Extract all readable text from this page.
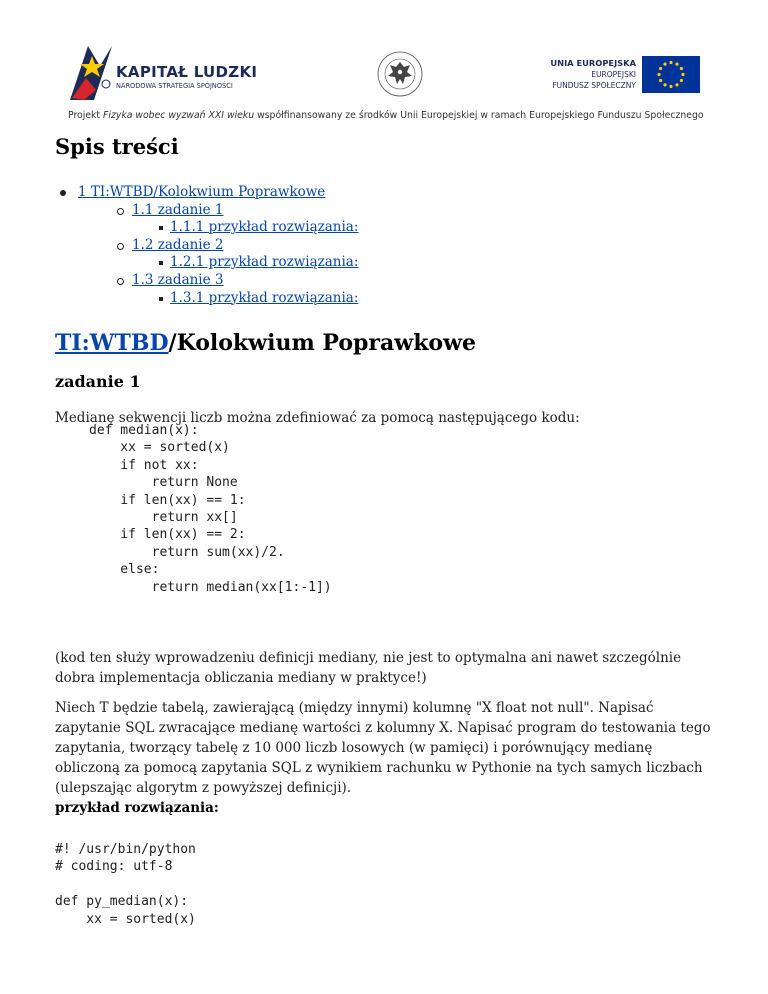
KAPITAŁ LUDZKI
NARODOWA STRATEGIA SPÓJNOŚCI
UNIA EUROPEJSKA
EUROPEJSKI
FUNDUSZ SPOŁECZNY
Projekt Fizyka wobec wyzwań XXI wieku współfinansowany ze środków Unii Europejskiej w ramach Europejskiego Funduszu Społecznego
Spis treści
1 TI:WTBD/Kolokwium Poprawkowe
1.1 zadanie 1
1.1.1 przykład rozwiązania:
1.2 zadanie 2
1.2.1 przykład rozwiązania:
1.3 zadanie 3
1.3.1 przykład rozwiązania:
TI:WTBD/Kolokwium Poprawkowe
zadanie 1
Medianę sekwencji liczb można zdefiniować za pomocą następującego kodu:
def median(x):
xx = sorted(x)
if not xx:
return None
if len(xx) == 1:
return xx[]
if len(xx) == 2:
return sum(xx)/2.
else:
return median(xx[1:-1])
(kod ten służy wprowadzeniu definicji mediany, nie jest to optymalna ani nawet szczególnie dobra implementacja obliczania mediany w praktyce!)
Niech T będzie tabelą, zawierającą (między innymi) kolumnę "X float not null". Napisać zapytanie SQL zwracające medianę wartości z kolumny X. Napisać program do testowania tego zapytania, tworzący tabelę z 10 000 liczb losowych (w pamięci) i porównujący medianę obliczoną za pomocą zapytania SQL z wynikiem rachunku w Pythonie na tych samych liczbach (ulepszając algorytm z powyższej definicji).
przykład rozwiązania:
#! /usr/bin/python
# coding: utf-8

def py_median(x):
xx = sorted(x)
